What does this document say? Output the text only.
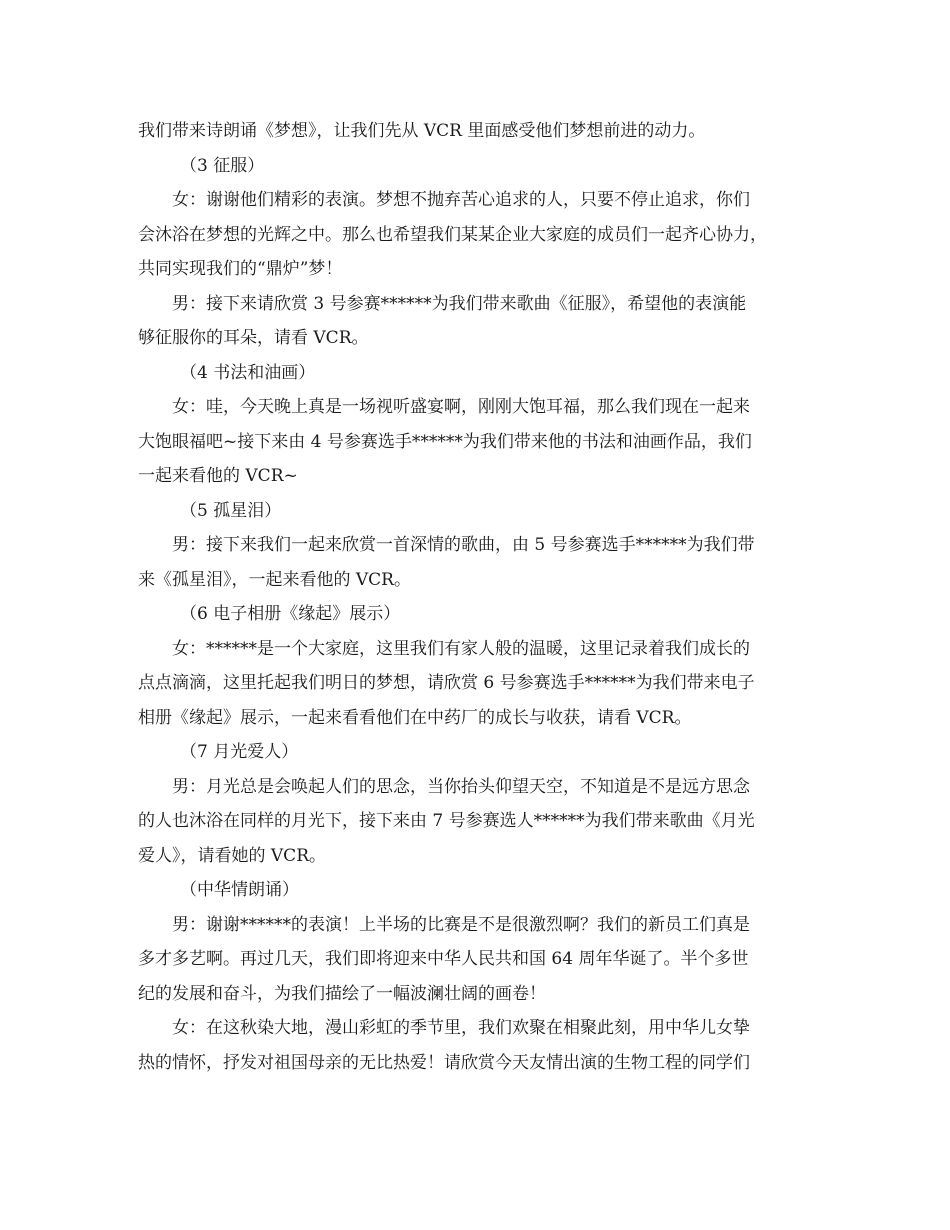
我们带来诗朗诵《梦想》，让我们先从 VCR 里面感受他们梦想前进的动力。

（3 征服）

女：谢谢他们精彩的表演。梦想不抛弃苦心追求的人，只要不停止追求，你们

会沐浴在梦想的光辉之中。那么也希望我们某某企业大家庭的成员们一起齐心协力，

共同实现我们的“鼎炉”梦！

男：接下来请欣赏 3 号参赛******为我们带来歌曲《征服》，希望他的表演能

够征服你的耳朵，请看 VCR。

（4 书法和油画）

女：哇，今天晚上真是一场视听盛宴啊，刚刚大饱耳福，那么我们现在一起来

大饱眼福吧~接下来由 4 号参赛选手******为我们带来他的书法和油画作品，我们

一起来看他的 VCR~

（5 孤星泪）

男：接下来我们一起来欣赏一首深情的歌曲，由 5 号参赛选手******为我们带

来《孤星泪》，一起来看他的 VCR。

（6 电子相册《缘起》展示）

女：******是一个大家庭，这里我们有家人般的温暖，这里记录着我们成长的

点点滴滴，这里托起我们明日的梦想，请欣赏 6 号参赛选手******为我们带来电子

相册《缘起》展示，一起来看看他们在中药厂的成长与收获，请看 VCR。

（7 月光爱人）

男：月光总是会唤起人们的思念，当你抬头仰望天空，不知道是不是远方思念

的人也沐浴在同样的月光下，接下来由 7 号参赛选人******为我们带来歌曲《月光

爱人》，请看她的 VCR。

（中华情朗诵）

男：谢谢******的表演！上半场的比赛是不是很激烈啊？我们的新员工们真是

多才多艺啊。再过几天，我们即将迎来中华人民共和国 64 周年华诞了。半个多世

纪的发展和奋斗，为我们描绘了一幅波澜壮阔的画卷！

女：在这秋染大地，漫山彩虹的季节里，我们欢聚在相聚此刻，用中华儿女挚

热的情怀，抒发对祖国母亲的无比热爱！请欣赏今天友情出演的生物工程的同学们
